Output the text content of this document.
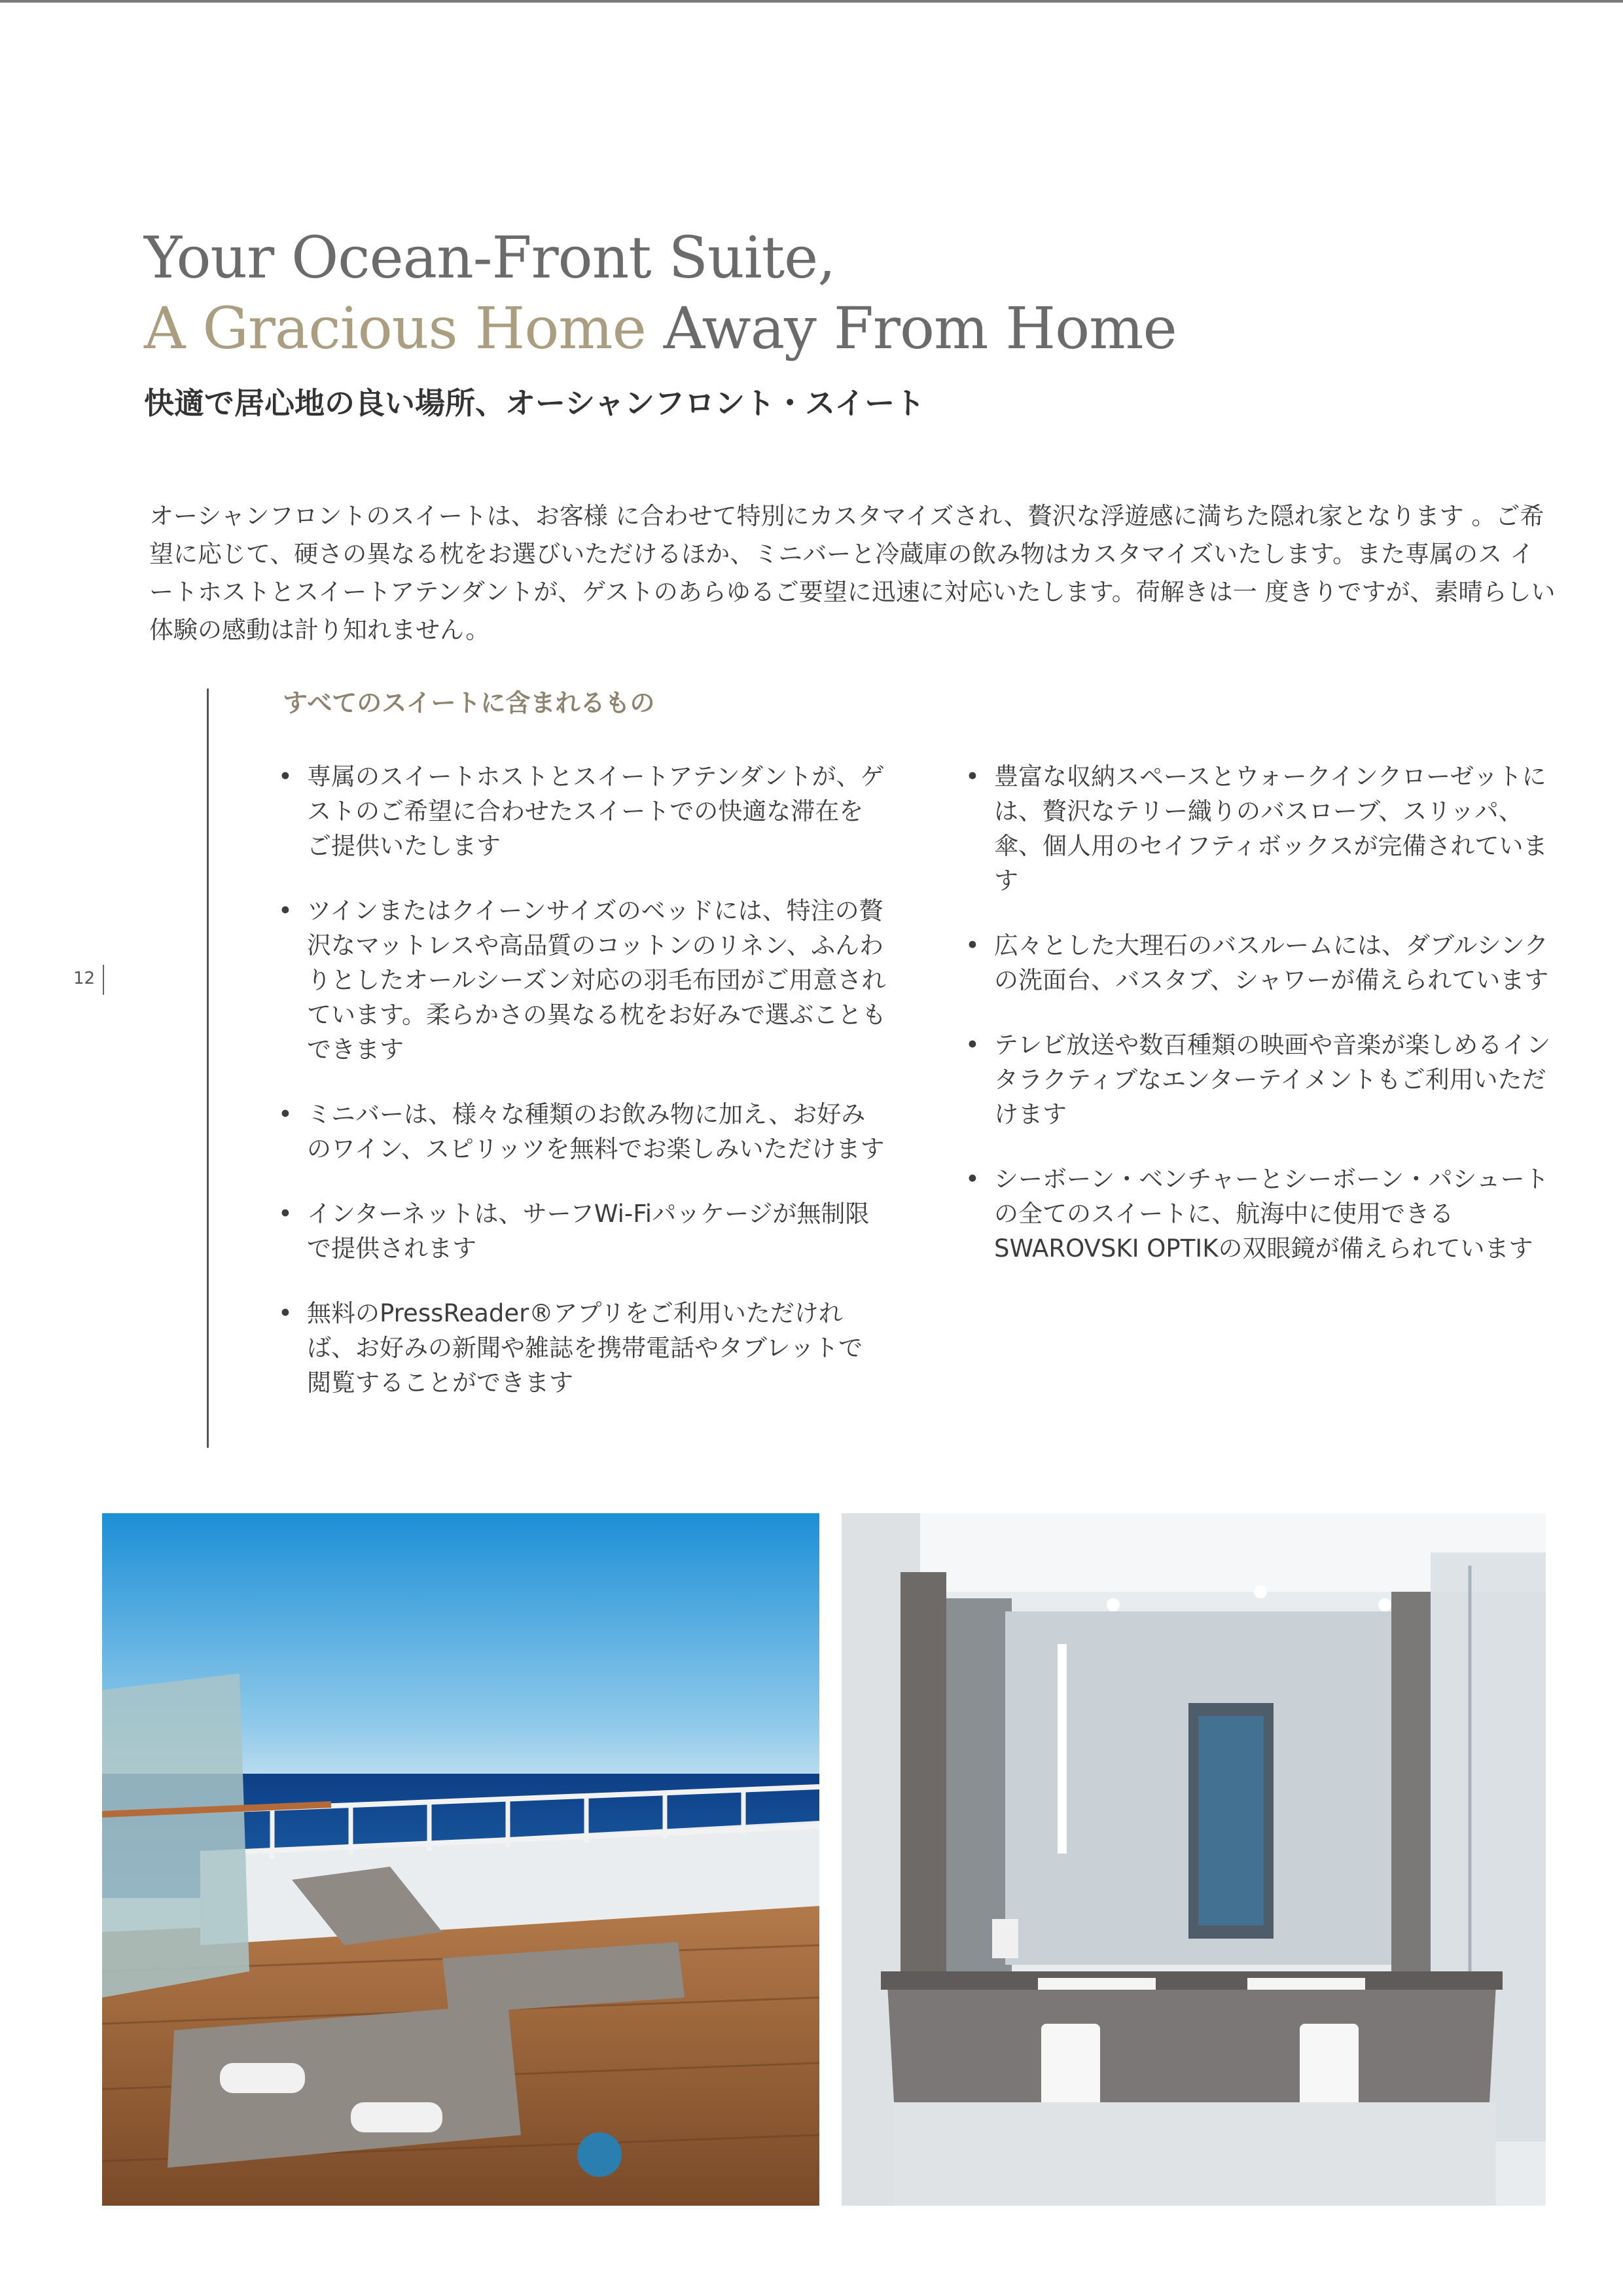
Your Ocean-Front Suite,
A Gracious Home Away From Home
快適で居心地の良い場所、オーシャンフロント・スイート

オーシャンフロントのスイートは、お客様 に合わせて特別にカスタマイズされ、贅沢な浮遊感に満ちた隠れ家となります 。ご希望に応じて、硬さの異なる枕をお選びいただけるほか、ミニバーと冷蔵庫の飲み物はカスタマイズいたします。また専属のス イートホストとスイートアテンダントが、ゲストのあらゆるご要望に迅速に対応いたします。荷解きは一 度きりですが、素晴らしい体験の感動は計り知れません。

すべてのスイートに含まれるもの
• 専属のスイートホストとスイートアテンダントが、ゲストのご希望に合わせたスイートでの快適な滞在をご提供いたします
• ツインまたはクイーンサイズのベッドには、特注の贅沢なマットレスや高品質のコットンのリネン、ふんわりとしたオールシーズン対応の羽毛布団がご用意されています。柔らかさの異なる枕をお好みで選ぶこともできます
• ミニバーは、様々な種類のお飲み物に加え、お好みのワイン、スピリッツを無料でお楽しみいただけます
• インターネットは、サーフWi-Fiパッケージが無制限で提供されます
• 無料のPressReader®アプリをご利用いただければ、お好みの新聞や雑誌を携帯電話やタブレットで閲覧することができます
• 豊富な収納スペースとウォークインクローゼットには、贅沢なテリー織りのバスローブ、スリッパ、傘、個人用のセイフティボックスが完備されています
• 広々とした大理石のバスルームには、ダブルシンクの洗面台、バスタブ、シャワーが備えられています
• テレビ放送や数百種類の映画や音楽が楽しめるインタラクティブなエンターテイメントもご利用いただけます
• シーボーン・ベンチャーとシーボーン・パシュートの全てのスイートに、航海中に使用できるSWAROVSKI OPTIKの双眼鏡が備えられています
12
